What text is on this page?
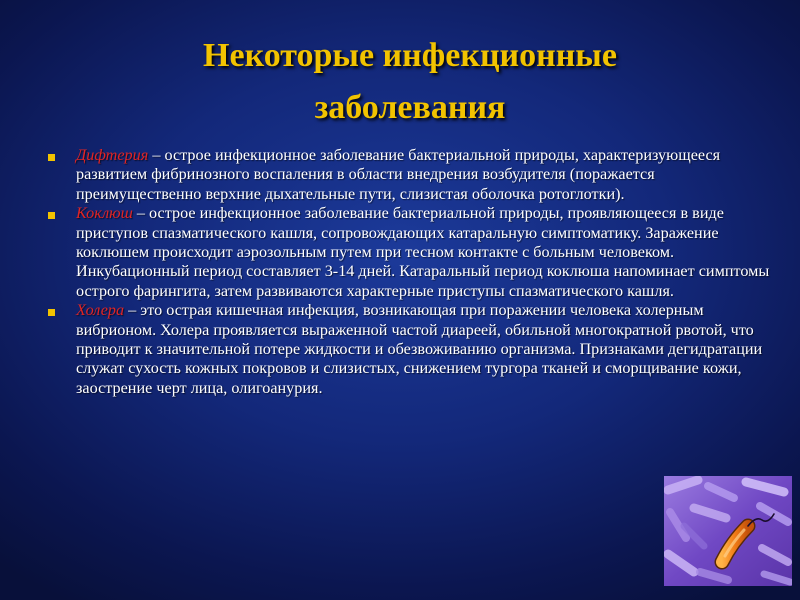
Некоторые инфекционные
заболевания

Дифтерия – острое инфекционное заболевание бактериальной природы, характеризующееся развитием фибринозного воспаления в области внедрения возбудителя (поражается преимущественно верхние дыхательные пути, слизистая оболочка ротоглотки).

Коклюш – острое инфекционное заболевание бактериальной природы, проявляющееся в виде приступов спазматического кашля, сопровождающих катаральную симптоматику. Заражение коклюшем происходит аэрозольным путем при тесном контакте с больным человеком. Инкубационный период составляет 3-14 дней. Катаральный период коклюша напоминает симптомы острого фарингита, затем развиваются характерные приступы спазматического кашля.

Холера – это острая кишечная инфекция, возникающая при поражении человека холерным вибрионом. Холера проявляется выраженной частой диареей, обильной многократной рвотой, что приводит к значительной потере жидкости и обезвоживанию организма. Признаками дегидратации служат сухость кожных покровов и слизистых, снижением тургора тканей и сморщивание кожи, заострение черт лица, олигоанурия.
